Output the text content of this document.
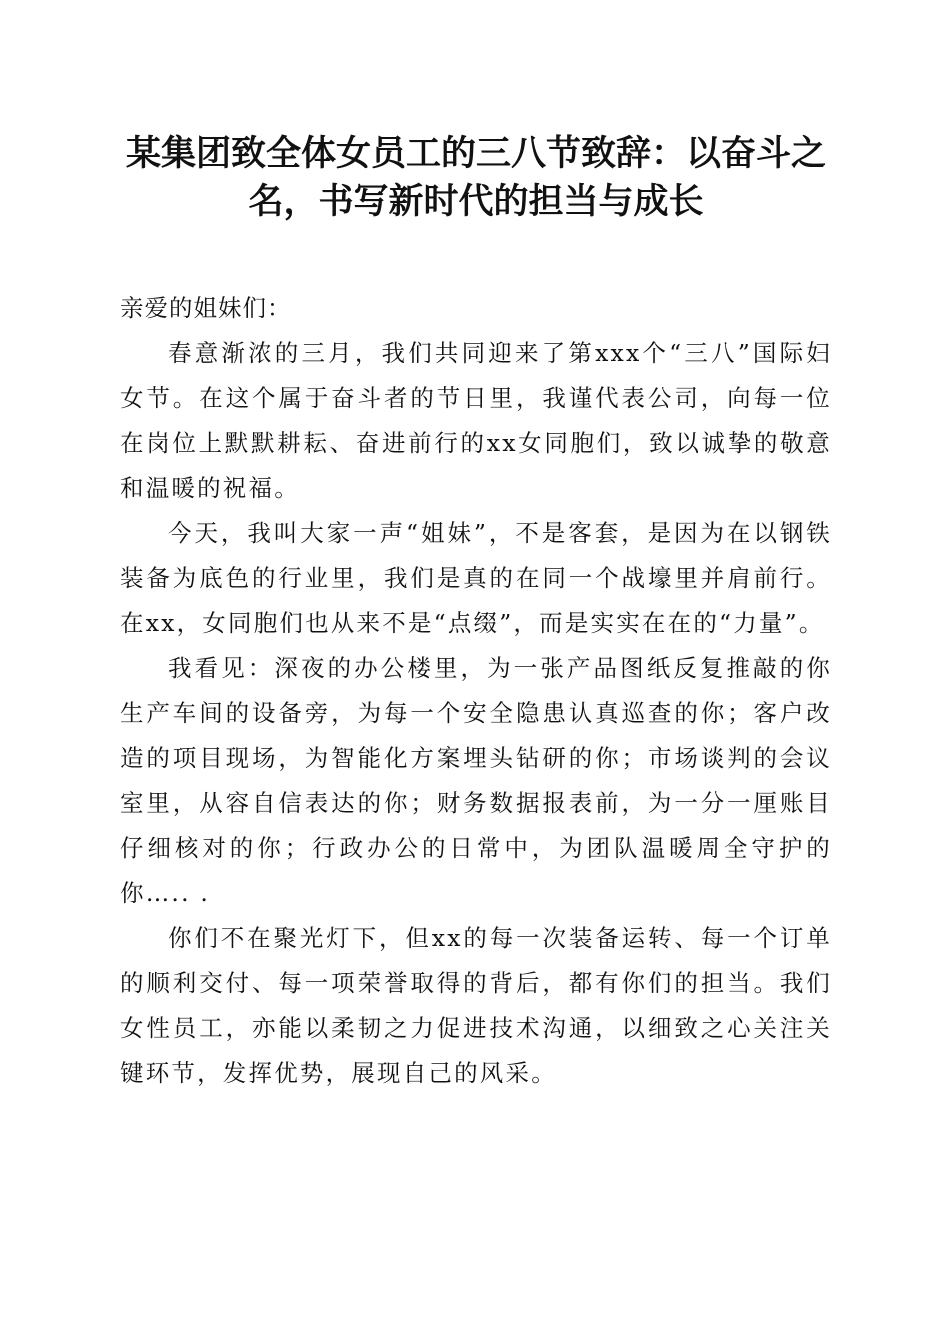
某集团致全体女员工的三八节致辞：以奋斗之名，书写新时代的担当与成长

亲爱的姐妹们：

春意渐浓的三月，我们共同迎来了第xxx个“三八”国际妇女节。在这个属于奋斗者的节日里，我谨代表公司，向每一位在岗位上默默耕耘、奋进前行的xx女同胞们，致以诚挚的敬意和温暖的祝福。

今天，我叫大家一声“姐妹”，不是客套，是因为在以钢铁装备为底色的行业里，我们是真的在同一个战壕里并肩前行。在xx，女同胞们也从来不是“点缀”，而是实实在在的“力量”。

我看见：深夜的办公楼里，为一张产品图纸反复推敲的你生产车间的设备旁，为每一个安全隐患认真巡查的你；客户改造的项目现场，为智能化方案埋头钻研的你；市场谈判的会议室里，从容自信表达的你；财务数据报表前，为一分一厘账目仔细核对的你；行政办公的日常中，为团队温暖周全守护的你….. .

你们不在聚光灯下，但xx的每一次装备运转、每一个订单的顺利交付、每一项荣誉取得的背后，都有你们的担当。我们女性员工，亦能以柔韧之力促进技术沟通，以细致之心关注关键环节，发挥优势，展现自己的风采。
